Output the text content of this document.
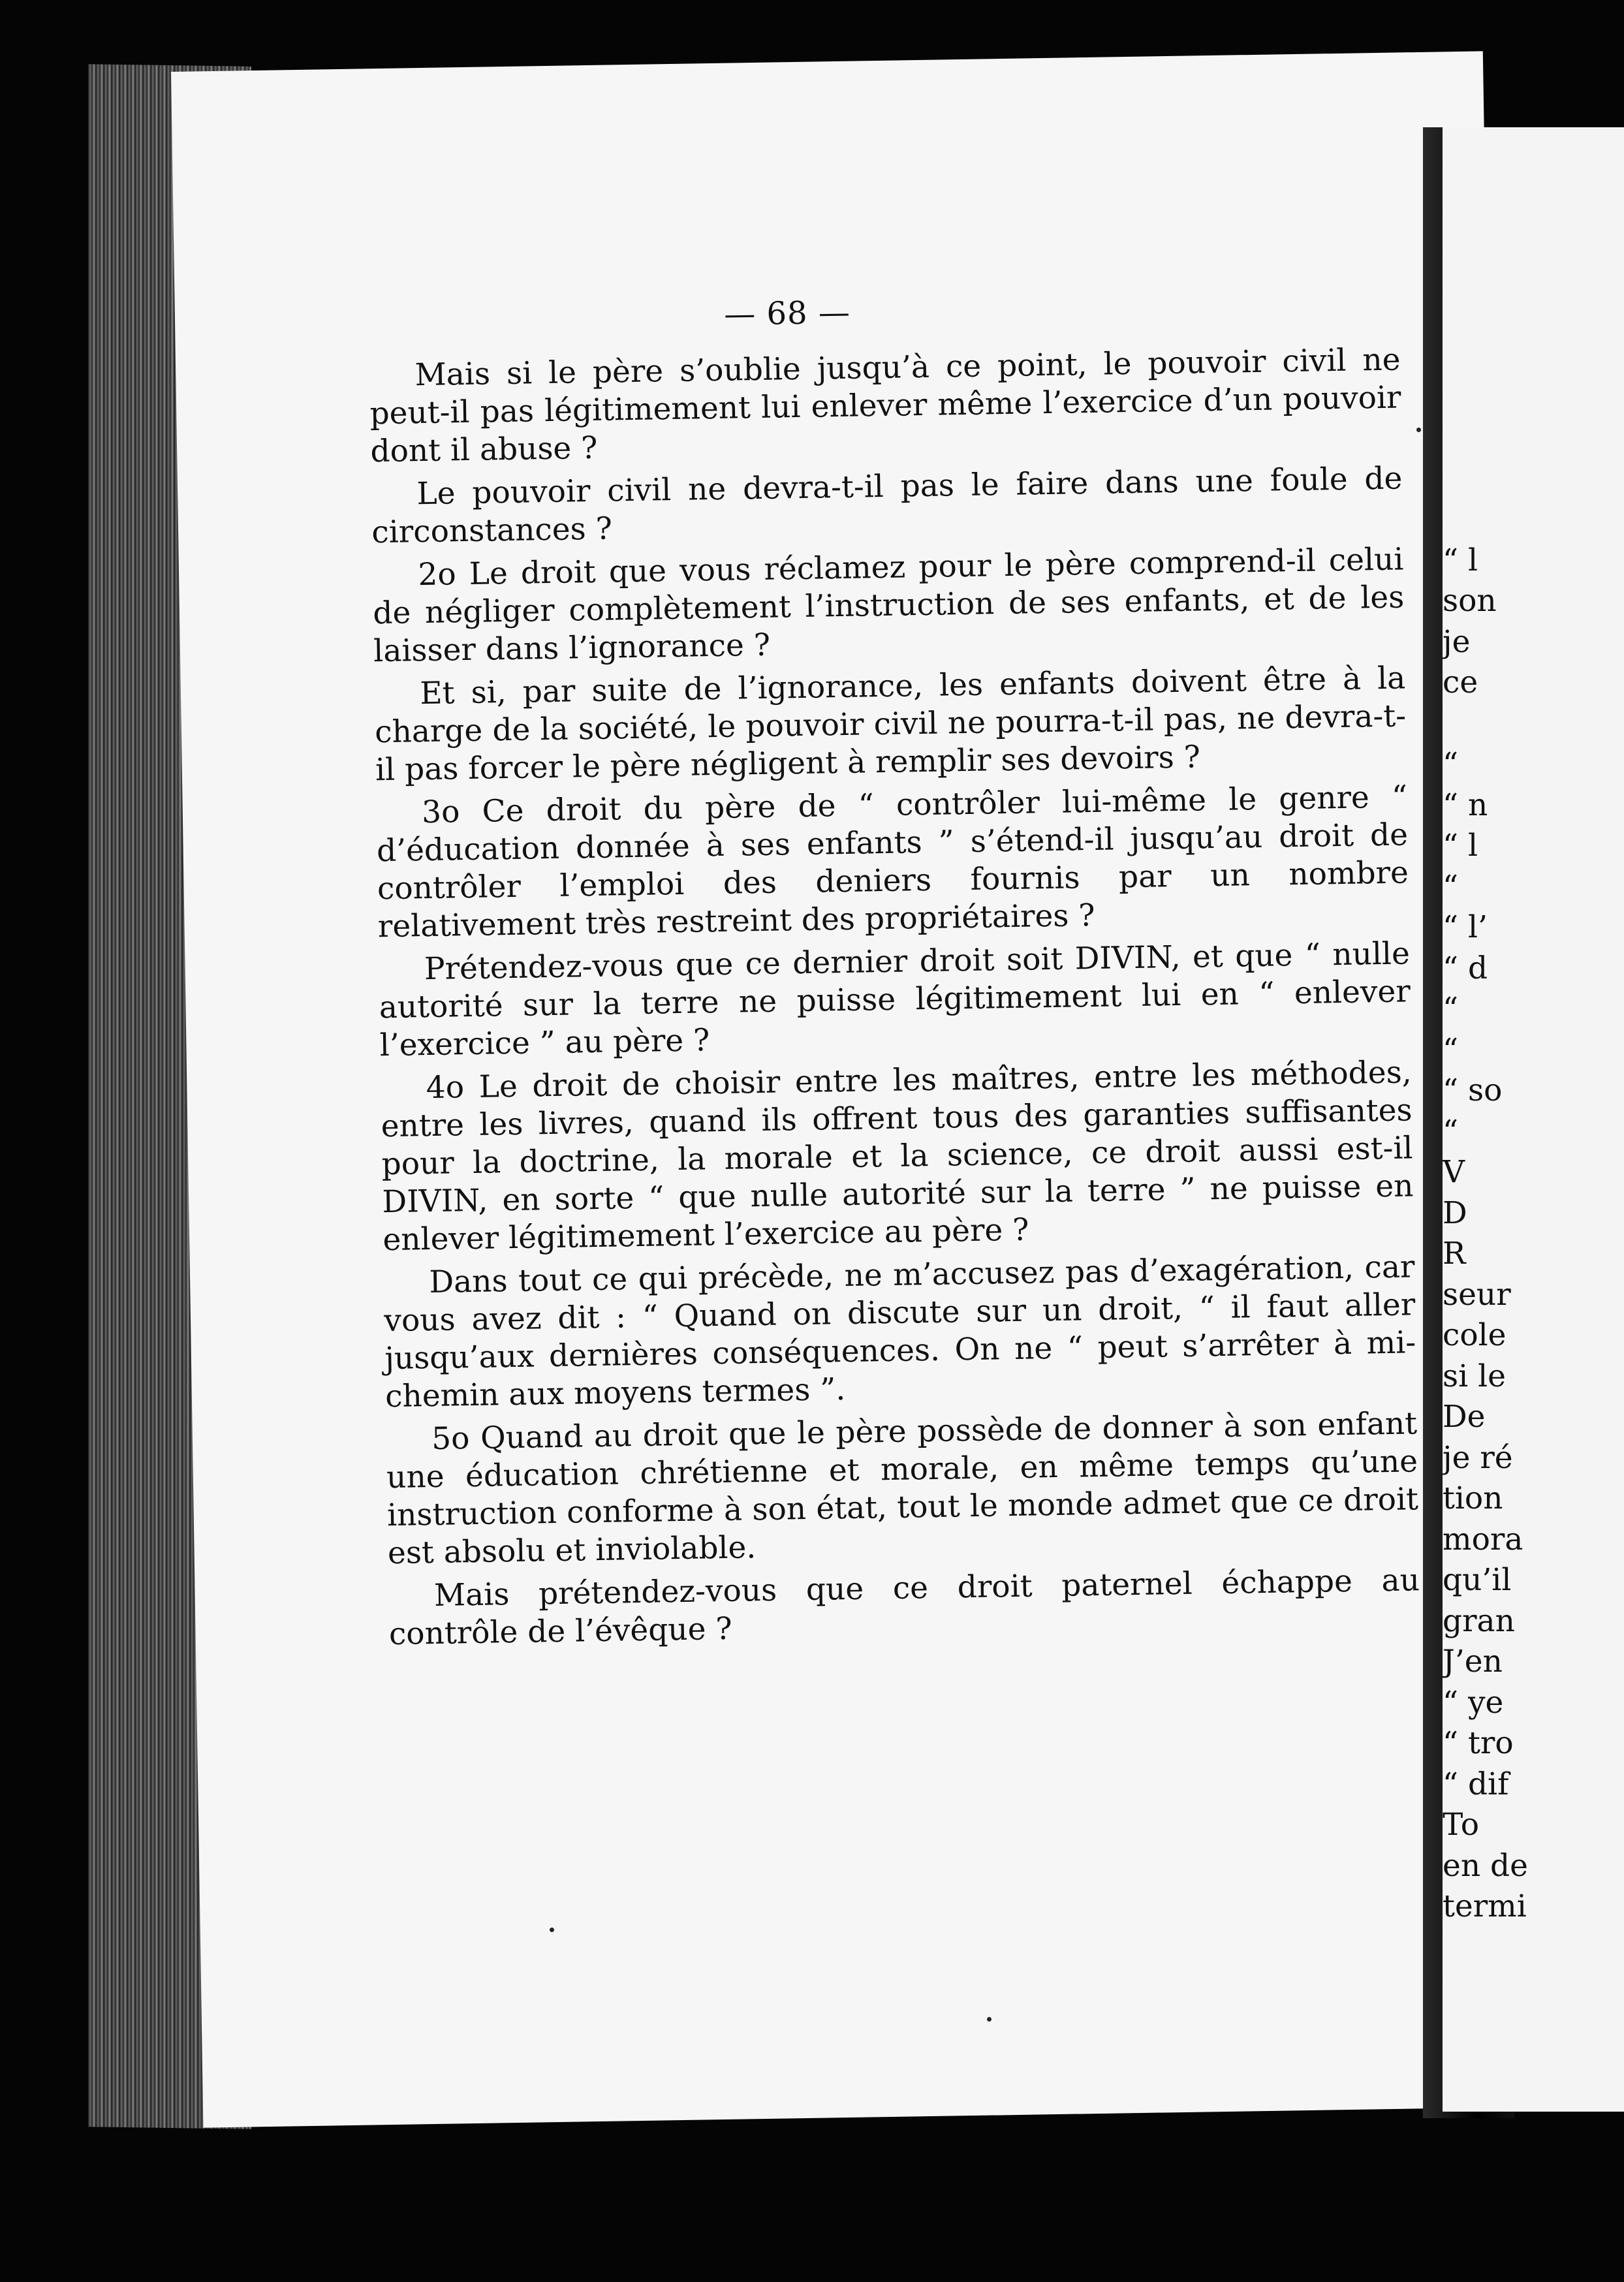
“ l
son
je
ce
“
“ n
“ l
“
“ l’
“ d
“
“
“ so
“
V
D
R
seur
cole
si le
De
je ré
tion
mora
qu’il
gran
J’en
“ ye
“ tro
“ dif
To
en de
termi
— 68 —

Mais si le père s’oublie jusqu’à ce point, le pouvoir civil ne peut-il pas légitimement lui enlever même l’exercice d’un pouvoir dont il abuse ?

Le pouvoir civil ne devra-t-il pas le faire dans une foule de circonstances ?

2o Le droit que vous réclamez pour le père comprend-il celui de négliger complètement l’instruction de ses enfants, et de les laisser dans l’ignorance ?

Et si, par suite de l’ignorance, les enfants doivent être à la charge de la société, le pouvoir civil ne pourra-t-il pas, ne devra-t-il pas forcer le père négligent à remplir ses devoirs ?

3o Ce droit du père de “ contrôler lui-même le genre “ d’éducation donnée à ses enfants ” s’étend-il jusqu’au droit de contrôler l’emploi des deniers fournis par un nombre relativement très restreint des propriétaires ?

Prétendez-vous que ce dernier droit soit DIVIN, et que “ nulle autorité sur la terre ne puisse légitimement lui en “ enlever l’exercice ” au père ?

4o Le droit de choisir entre les maîtres, entre les méthodes, entre les livres, quand ils offrent tous des garanties suffisantes pour la doctrine, la morale et la science, ce droit aussi est-il DIVIN, en sorte “ que nulle autorité sur la terre ” ne puisse en enlever légitimement l’exercice au père ?

Dans tout ce qui précède, ne m’accusez pas d’exagération, car vous avez dit : “ Quand on discute sur un droit, “ il faut aller jusqu’aux dernières conséquences. On ne “ peut s’arrêter à mi-chemin aux moyens termes ”.

5o Quand au droit que le père possède de donner à son enfant une éducation chrétienne et morale, en même temps qu’une instruction conforme à son état, tout le monde admet que ce droit est absolu et inviolable.

Mais prétendez-vous que ce droit paternel échappe au contrôle de l’évêque ?
